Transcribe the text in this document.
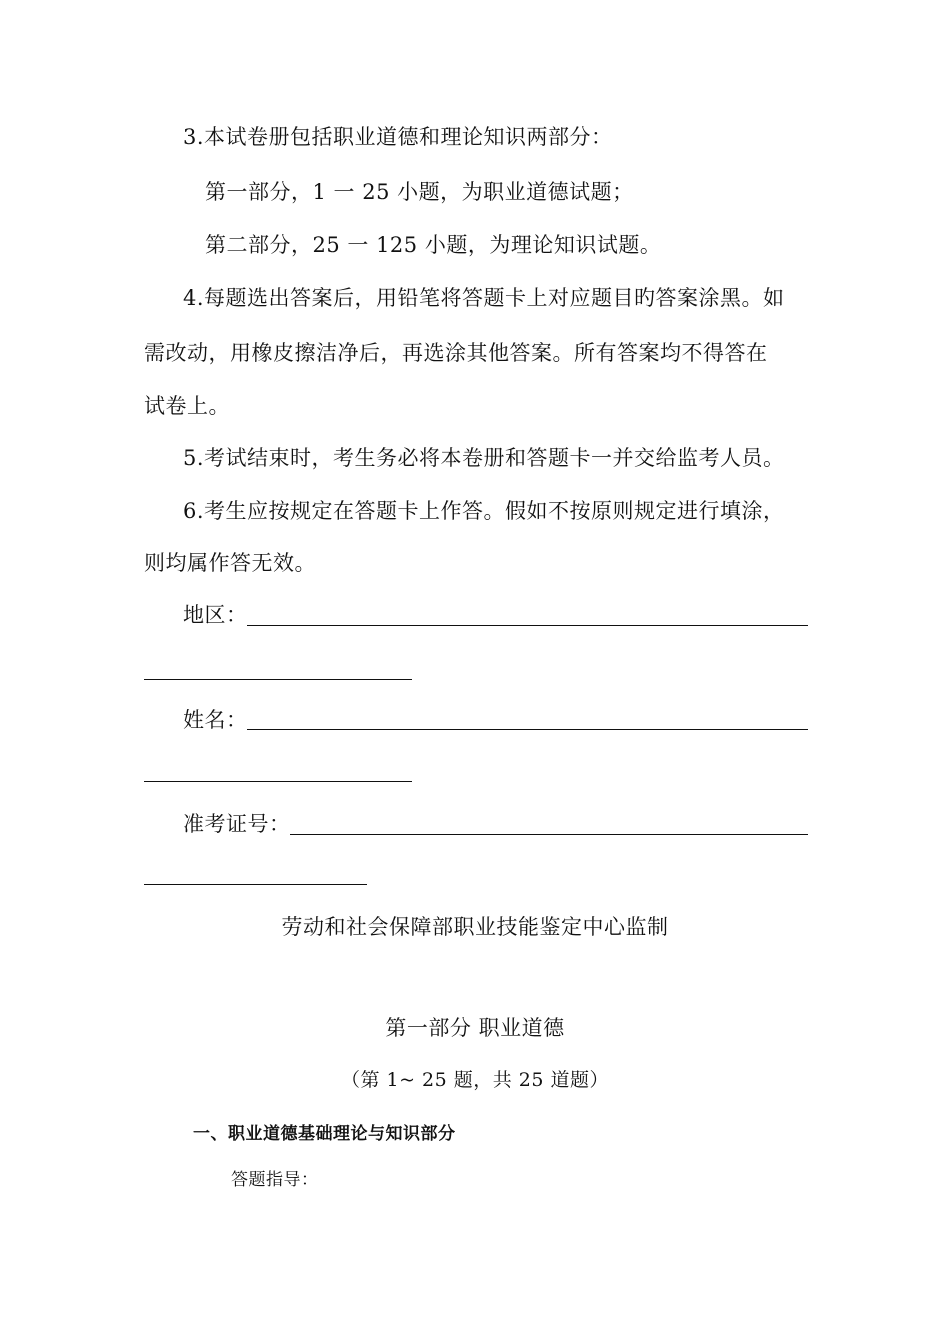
3.本试卷册包括职业道德和理论知识两部分：
第一部分，1 一 25 小题，为职业道德试题；
第二部分，25 一 125 小题，为理论知识试题。
4.每题选出答案后，用铅笔将答题卡上对应题目旳答案涂黑。如
需改动，用橡皮擦洁净后，再选涂其他答案。所有答案均不得答在
试卷上。
5.考试结束时，考生务必将本卷册和答题卡一并交给监考人员。
6.考生应按规定在答题卡上作答。假如不按原则规定进行填涂，
则均属作答无效。
地区：
姓名：
准考证号：
劳动和社会保障部职业技能鉴定中心监制
第一部分 职业道德
（第 1~ 25 题，共 25 道题）
一、职业道德基础理论与知识部分
答题指导：
